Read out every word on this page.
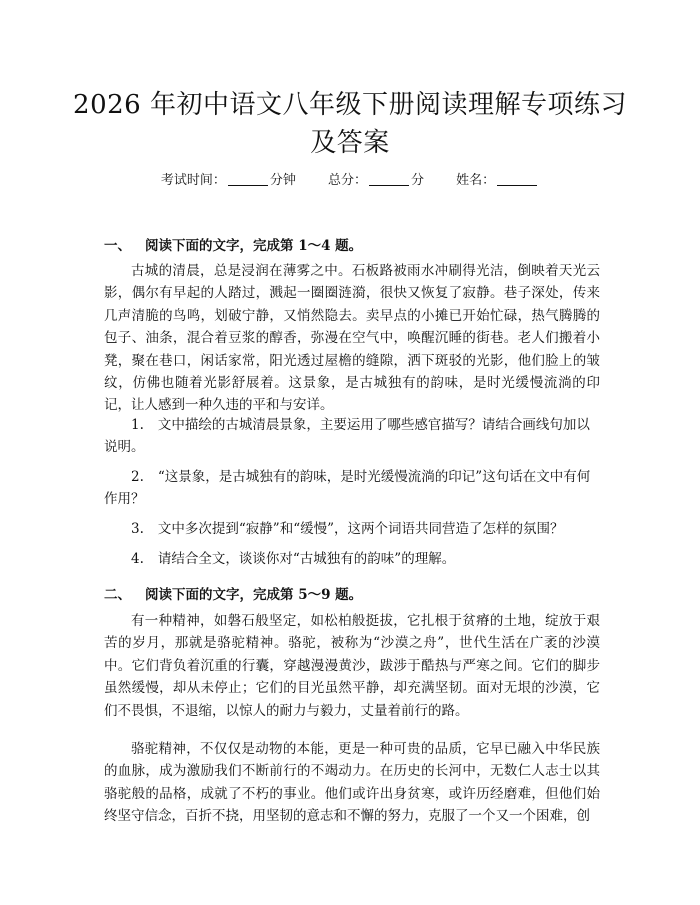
2026 年初中语文八年级下册阅读理解专项练习及答案
考试时间：	分钟 总分：	分 姓名：
一、 阅读下面的文字，完成第 1～4 题。

古城的清晨，总是浸润在薄雾之中。石板路被雨水冲刷得光洁，倒映着天光云影，偶尔有早起的人踏过，溅起一圈圈涟漪，很快又恢复了寂静。巷子深处，传来几声清脆的鸟鸣，划破宁静，又悄然隐去。卖早点的小摊已开始忙碌，热气腾腾的包子、油条，混合着豆浆的醇香，弥漫在空气中，唤醒沉睡的街巷。老人们搬着小凳，聚在巷口，闲话家常，阳光透过屋檐的缝隙，洒下斑驳的光影，他们脸上的皱纹，仿佛也随着光影舒展着。这景象，是古城独有的韵味，是时光缓慢流淌的印记，让人感到一种久违的平和与安详。

1. 文中描绘的古城清晨景象，主要运用了哪些感官描写？请结合画线句加以说明。

2. “这景象，是古城独有的韵味，是时光缓慢流淌的印记”这句话在文中有何作用？

3. 文中多次提到“寂静”和“缓慢”，这两个词语共同营造了怎样的氛围？

4. 请结合全文，谈谈你对“古城独有的韵味”的理解。

二、 阅读下面的文字，完成第 5～9 题。

有一种精神，如磐石般坚定，如松柏般挺拔，它扎根于贫瘠的土地，绽放于艰苦的岁月，那就是骆驼精神。骆驼，被称为“沙漠之舟”，世代生活在广袤的沙漠中。它们背负着沉重的行囊，穿越漫漫黄沙，跋涉于酷热与严寒之间。它们的脚步虽然缓慢，却从未停止；它们的目光虽然平静，却充满坚韧。面对无垠的沙漠，它们不畏惧，不退缩，以惊人的耐力与毅力，丈量着前行的路。

骆驼精神，不仅仅是动物的本能，更是一种可贵的品质，它早已融入中华民族的血脉，成为激励我们不断前行的不竭动力。在历史的长河中，无数仁人志士以其骆驼般的品格，成就了不朽的事业。他们或许出身贫寒，或许历经磨难，但他们始终坚守信念，百折不挠，用坚韧的意志和不懈的努力，克服了一个又一个困难，创
